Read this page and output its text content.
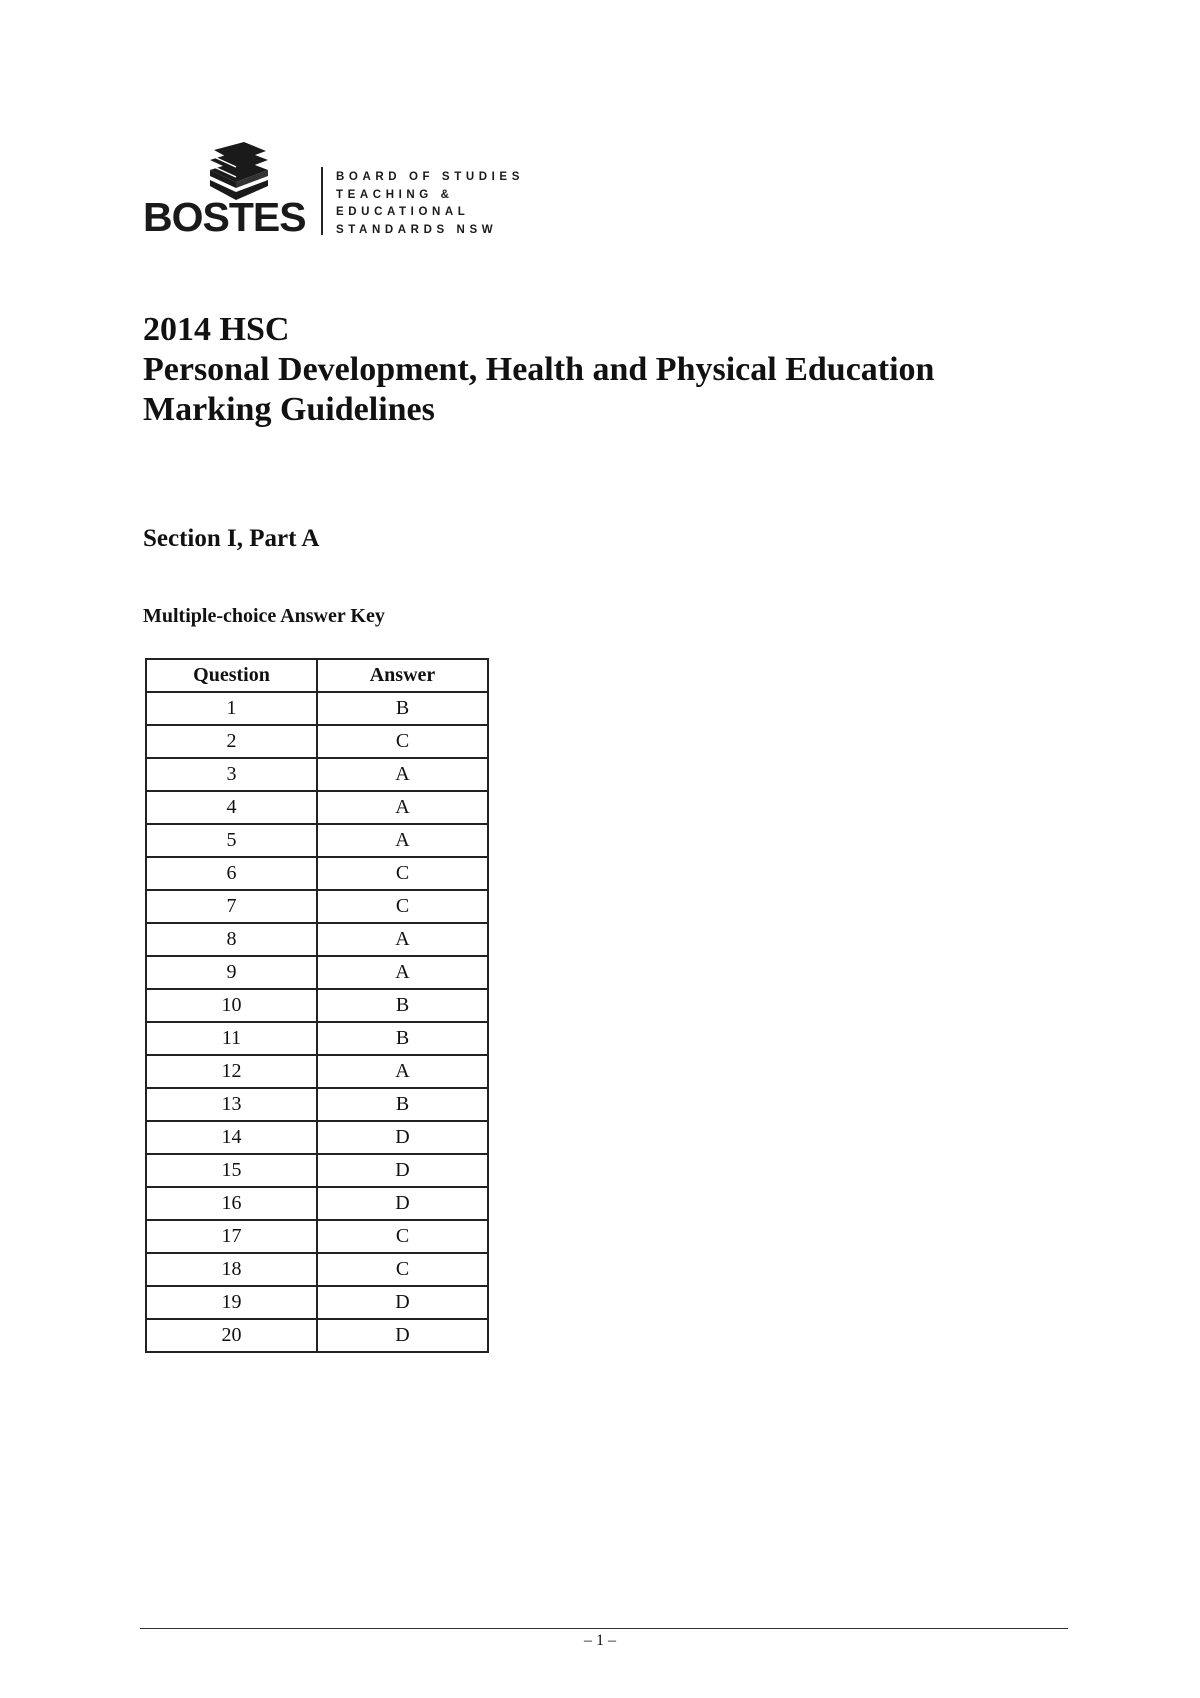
BOSTES
BOARD OF STUDIES
TEACHING &
EDUCATIONAL
STANDARDS NSW
2014 HSC
Personal Development, Health and Physical Education
Marking Guidelines
Section I, Part A
Multiple-choice Answer Key
Question	Answer
1	B
2	C
3	A
4	A
5	A
6	C
7	C
8	A
9	A
10	B
11	B
12	A
13	B
14	D
15	D
16	D
17	C
18	C
19	D
20	D
– 1 –
